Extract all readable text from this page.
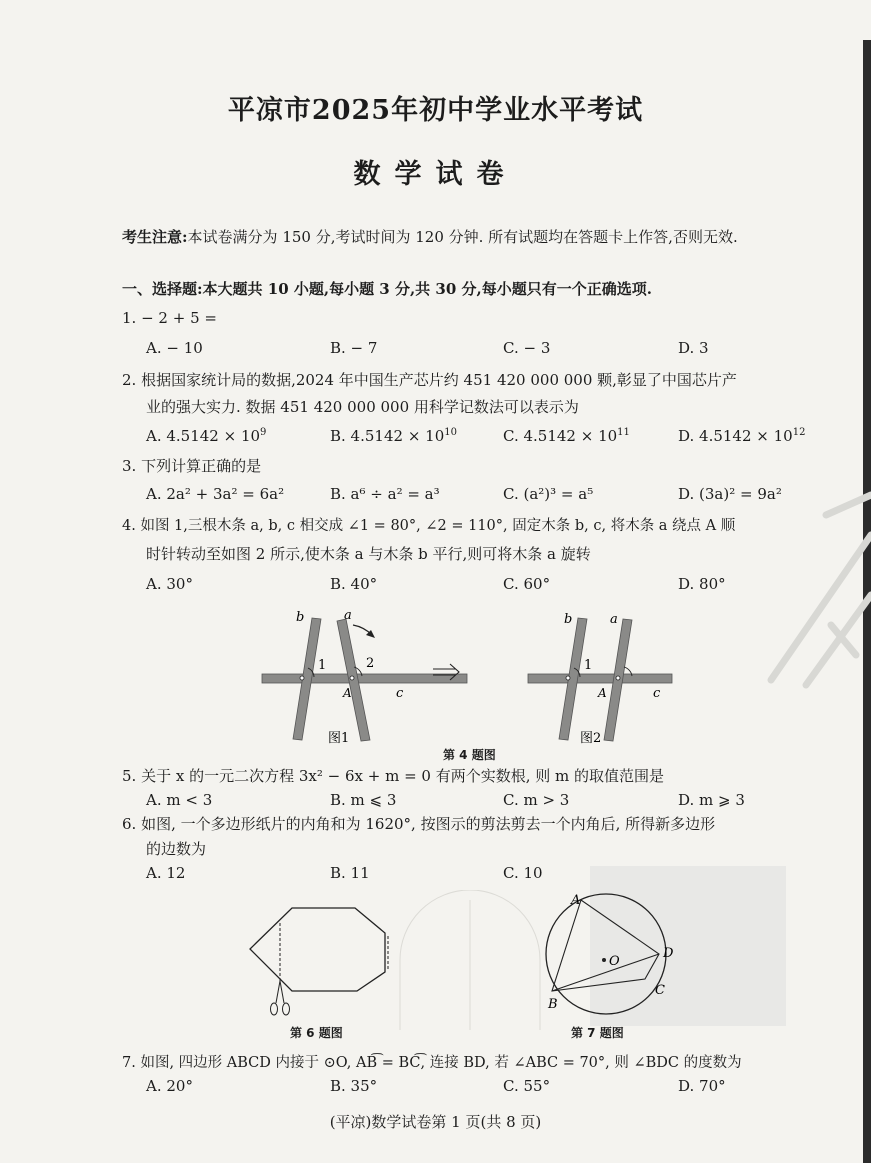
平凉市2025年初中学业水平考试
数学试卷
考生注意:本试卷满分为 150 分,考试时间为 120 分钟. 所有试题均在答题卡上作答,否则无效.
一、选择题:本大题共 10 小题,每小题 3 分,共 30 分,每小题只有一个正确选项.
1. − 2 + 5 =
A. − 10	B. − 7	C. − 3	D. 3
2. 根据国家统计局的数据,2024 年中国生产芯片约 451 420 000 000 颗,彰显了中国芯片产
业的强大实力. 数据 451 420 000 000 用科学记数法可以表示为
A. $4.5142 \times 10^9$	B. $4.5142 \times 10^{10}$	C. $4.5142 \times 10^{11}$	D. $4.5142 \times 10^{12}$
3. 下列计算正确的是
A. 2a² + 3a² = 6a²	B. a⁶ ÷ a² = a³	C. (a²)³ = a⁵	D. (3a)² = 9a²
4. 如图 1,三根木条 a, b, c 相交成 ∠1 = 80°, ∠2 = 110°, 固定木条 b, c, 将木条 a 绕点 A 顺
时针转动至如图 2 所示,使木条 a 与木条 b 平行,则可将木条 a 旋转
A. 30°	B. 40°	C. 60°	D. 80°
b	a
1	2
A	c
图1
b	a
1
A	c
图2
第 4 题图
5. 关于 x 的一元二次方程 3x² − 6x + m = 0 有两个实数根, 则 m 的取值范围是
A. m < 3	B. m ⩽ 3	C. m > 3	D. m ⩾ 3
6. 如图, 一个多边形纸片的内角和为 1620°, 按图示的剪法剪去一个内角后, 所得新多边形
的边数为
A. 12	B. 11	C. 10
第 6 题图
A
B
C
D
O
第 7 题图
7. 如图, 四边形 ABCD 内接于 ⊙O, AB͡ = BC͡, 连接 BD, 若 ∠ABC = 70°, 则 ∠BDC 的度数为
A. 20°	B. 35°	C. 55°	D. 70°
(平凉)数学试卷第 1 页(共 8 页)
